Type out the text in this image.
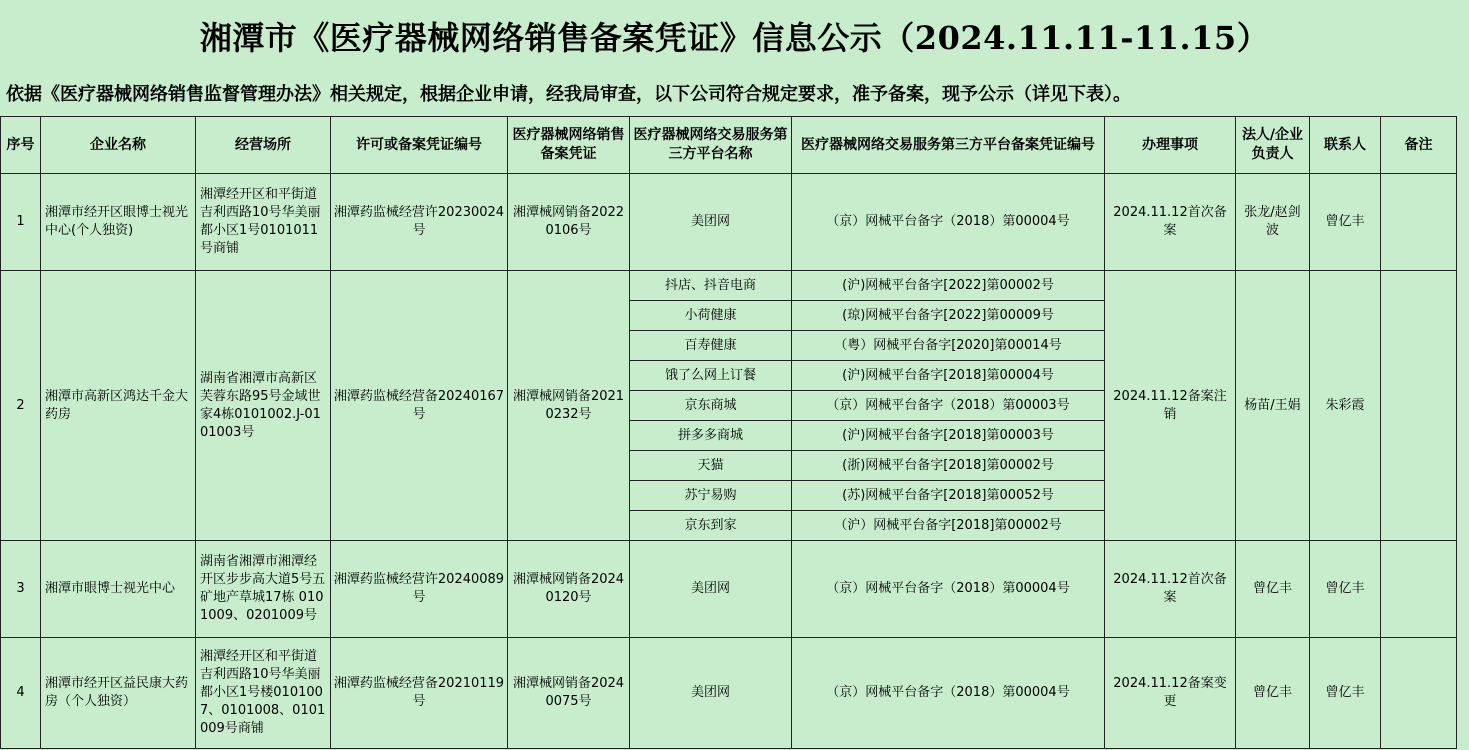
湘潭市《医疗器械网络销售备案凭证》信息公示（2024.11.11-11.15）
依据《医疗器械网络销售监督管理办法》相关规定，根据企业申请，经我局审查，以下公司符合规定要求，准予备案，现予公示（详见下表）。
序号	企业名称	经营场所	许可或备案凭证编号	医疗器械网络销售备案凭证	医疗器械网络交易服务第三方平台名称	医疗器械网络交易服务第三方平台备案凭证编号	办理事项	法人/企业负责人	联系人	备注
1	湘潭市经开区眼博士视光中心(个人独资)	湘潭经开区和平街道吉利西路10号华美丽都小区1号0101011号商铺	湘潭药监械经营许20230024号	湘潭械网销备20220106号	美团网	（京）网械平台备字（2018）第00004号	2024.11.12首次备案	张龙/赵剑波	曾亿丰	
2	湘潭市高新区鸿达千金大药房	湖南省湘潭市高新区芙蓉东路95号金域世家4栋0101002.J-0101003号	湘潭药监械经营备20240167号	湘潭械网销备20210232号	抖店、抖音电商	(沪)网械平台备字[2022]第00002号	2024.11.12备案注销	杨苗/王娟	朱彩霞	
					小荷健康	(琼)网械平台备字[2022]第00009号				
					百寿健康	（粤）网械平台备字[2020]第00014号				
					饿了么网上订餐	(沪)网械平台备字[2018]第00004号				
					京东商城	（京）网械平台备字（2018）第00003号				
					拼多多商城	(沪)网械平台备字[2018]第00003号				
					天猫	(浙)网械平台备字[2018]第00002号				
					苏宁易购	(苏)网械平台备字[2018]第00052号				
					京东到家	（沪）网械平台备字[2018]第00002号				
3	湘潭市眼博士视光中心	湖南省湘潭市湘潭经开区步步高大道5号五矿地产草城17栋 0101009、0201009号	湘潭药监械经营许20240089号	湘潭械网销备20240120号	美团网	（京）网械平台备字（2018）第00004号	2024.11.12首次备案	曾亿丰	曾亿丰	
4	湘潭市经开区益民康大药房（个人独资）	湘潭经开区和平街道吉利西路10号华美丽都小区1号楼0101007、0101008、0101009号商铺	湘潭药监械经营备20210119号	湘潭械网销备20240075号	美团网	（京）网械平台备字（2018）第00004号	2024.11.12备案变更	曾亿丰	曾亿丰	
